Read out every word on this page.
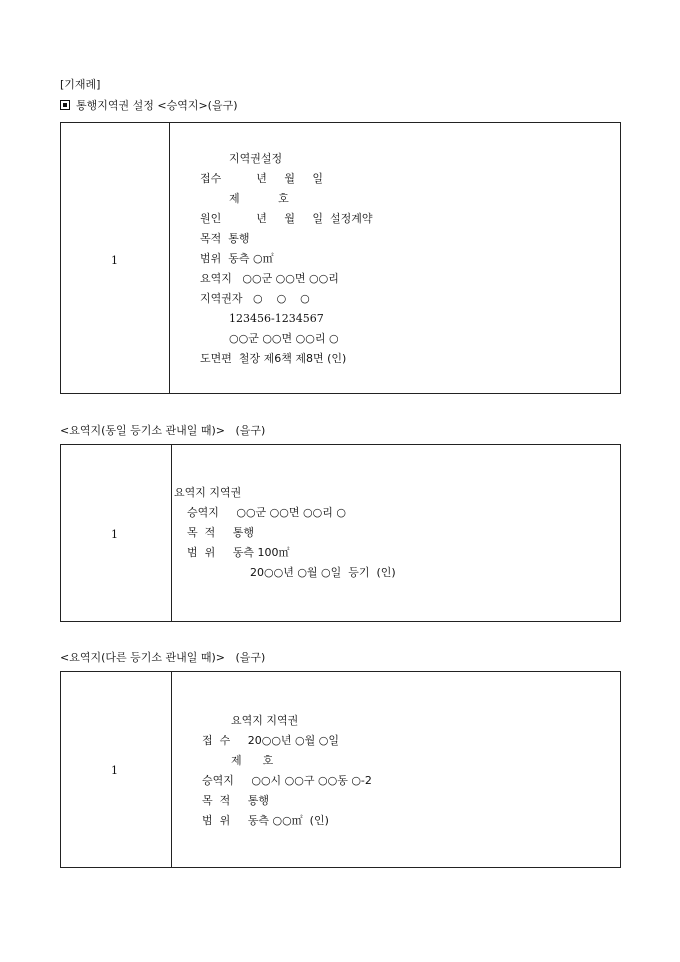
[기재례]
통행지역권 설정 <승역지>(을구)
1
지역권설정
접수          년     월     일
제           호
원인          년     월     일  설정계약
목적  통행
범위  동측 ○㎡
요역지   ○○군 ○○면 ○○리
지역권자   ○    ○    ○
123456-1234567
○○군 ○○면 ○○리 ○
도면편  철장 제6책 제8면 (인)
<요역지(동일 등기소 관내일 때)>   (을구)
1
요역지 지역권
승역지     ○○군 ○○면 ○○리 ○
목  적     통행
범  위     동측 100㎡
20○○년 ○월 ○일  등기  (인)
<요역지(다른 등기소 관내일 때)>   (을구)
1
요역지 지역권
접  수     20○○년 ○월 ○일
제      호
승역지     ○○시 ○○구 ○○동 ○-2
목  적     통행
범  위     동측 ○○㎡  (인)
